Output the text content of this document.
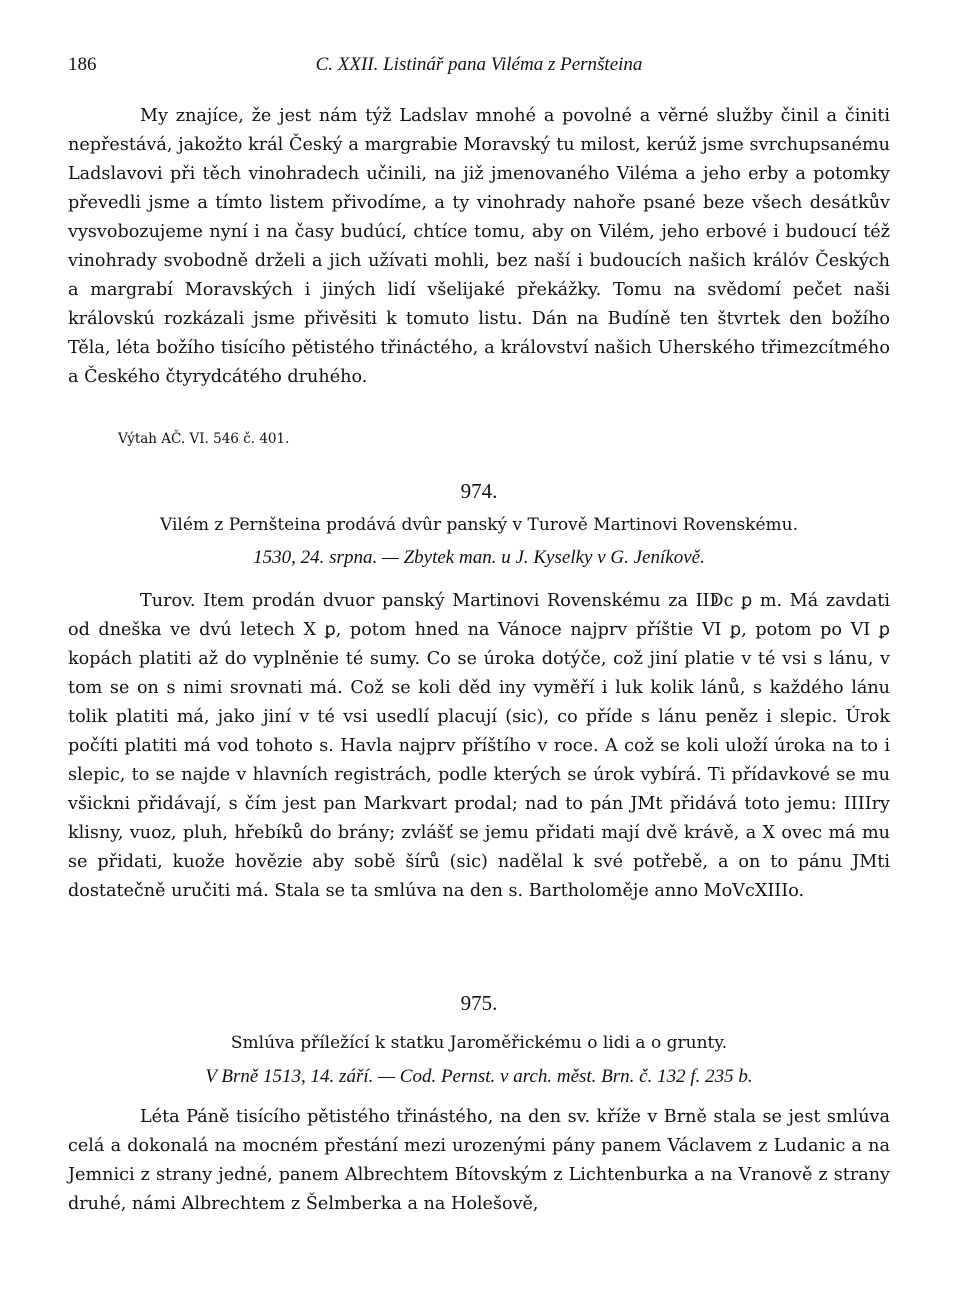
186	C. XXII. Listinář pana Viléma z Pernšteina

My znajíce, že jest nám týž Ladslav mnohé a povolné a věrné služby činil a činiti nepřestává, jakožto král Český a margrabie Moravský tu milost, kerúž jsme svrchupsanému Ladslavovi při těch vinohradech učinili, na již jmenovaného Viléma a jeho erby a potomky převedli jsme a tímto listem přivodíme, a ty vinohrady nahoře psané beze všech desátkův vysvobozujeme nyní i na časy budúcí, chtíce tomu, aby on Vilém, jeho erbové i budoucí též vinohrady svobodně drželi a jich užívati mohli, bez naší i budoucích našich králóv Českých a margrabí Moravských i jiných lidí všelijaké překážky. Tomu na svědomí pečet naši královskú rozkázali jsme přivěsiti k tomuto listu. Dán na Budíně ten štvrtek den božího Těla, léta božího tisícího pětistého třináctého, a království našich Uherského třimezcítmého a Českého čtyrydcátého druhého.

Výtah AČ. VI. 546 č. 401.
974.
Vilém z Pernšteina prodává dvûr panský v Turově Martinovi Rovenskému.
1530, 24. srpna. — Zbytek man. u J. Kyselky v G. Jeníkově.

Turov. Item prodán dvuor panský Martinovi Rovenskému za IIↁc ꝑ m. Má zavdati od dneška ve dvú letech X ꝑ, potom hned na Vánoce najprv příštie VI ꝑ, potom po VI ꝑ kopách platiti až do vyplněnie té sumy. Co se úroka dotýče, což jiní platie v té vsi s lánu, v tom se on s nimi srovnati má. Což se koli děd iny vyměří i luk kolik lánů, s každého lánu tolik platiti má, jako jiní v té vsi usedlí placují (sic), co příde s lánu peněz i slepic. Úrok počíti platiti má vod tohoto s. Havla najprv příštího v roce. A což se koli uloží úroka na to i slepic, to se najde v hlavních registrách, podle kterých se úrok vybírá. Ti přídavkové se mu všickni přidávají, s čím jest pan Markvart prodal; nad to pán JMt přidává toto jemu: IIIIry klisny, vuoz, pluh, hřebíků do brány; zvlášť se jemu přidati mají dvě krávě, a X ovec má mu se přidati, kuože hovězie aby sobě šírů (sic) nadělal k své potřebě, a on to pánu JMti dostatečně uručiti má. Stala se ta smlúva na den s. Bartholoměje anno MoVcXIIIo.

975.
Smlúva příležící k statku Jaroměřickému o lidi a o grunty.
V Brně 1513, 14. září. — Cod. Pernst. v arch. měst. Brn. č. 132 f. 235 b.

Léta Páně tisícího pětistého třinástého, na den sv. kříže v Brně stala se jest smlúva celá a dokonalá na mocném přestání mezi urozenými pány panem Václavem z Ludanic a na Jemnici z strany jedné, panem Albrechtem Bítovským z Lichtenburka a na Vranově z strany druhé, námi Albrechtem z Šelmberka a na Holešově,
